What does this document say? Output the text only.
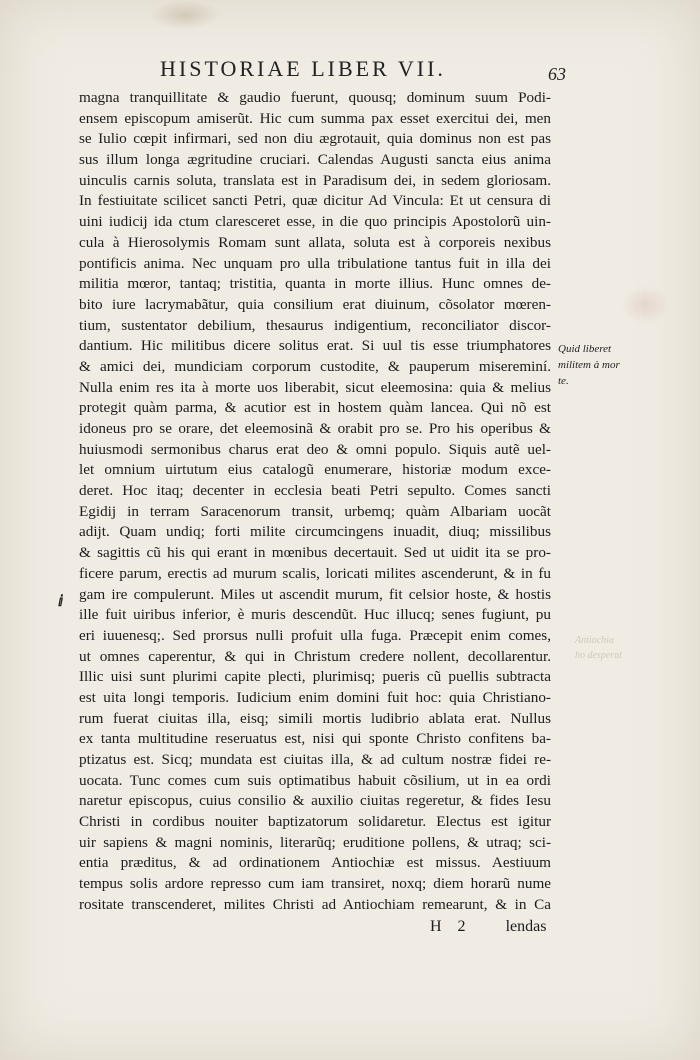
HISTORIAE LIBER VII.	63
magna tranquillitate & gaudio fuerunt, quousq; dominum suum Podi-
ensem episcopum amiserũt. Hic cum summa pax esset exercitui dei, men
se Iulio cœpit infirmari, sed non diu ægrotauit, quia dominus non est pas
sus illum longa ægritudine cruciari. Calendas Augusti sancta eius anima
uinculis carnis soluta, translata est in Paradisum dei, in sedem gloriosam.
In festiuitate scilicet sancti Petri, quæ dicitur Ad Vincula: Et ut censura di
uini iudicij ida ctum claresceret esse, in die quo principis Apostolorũ uin-
cula à Hierosolymis Romam sunt allata, soluta est à corporeis nexibus
pontificis anima. Nec unquam pro ulla tribulatione tantus fuit in illa dei
militia mœror, tantaq; tristitia, quanta in morte illius. Hunc omnes de-
bito iure lacrymabãtur, quia consilium erat diuinum, cõsolator mœren-
tium, sustentator debilium, thesaurus indigentium, reconciliator discor-
dantium. Hic militibus dicere solitus erat. Si uul tis esse triumphatores
& amici dei, mundiciam corporum custodite, & pauperum misereminí.
Nulla enim res ita à morte uos liberabit, sicut eleemosina: quia & melius
protegit quàm parma, & acutior est in hostem quàm lancea. Qui nõ est
idoneus pro se orare, det eleemosinã & orabit pro se. Pro his operibus &
huiusmodi sermonibus charus erat deo & omni populo. Siquis autẽ uel-
let omnium uirtutum eius catalogũ enumerare, historiæ modum exce-
deret. Hoc itaq; decenter in ecclesia beati Petri sepulto. Comes sancti
Egidij in terram Saracenorum transit, urbemq; quàm Albariam uocãt
adijt. Quam undiq; forti milite circumcingens inuadit, diuq; missilibus
& sagittis cũ his qui erant in mœnibus decertauit. Sed ut uidit ita se pro-
ficere parum, erectis ad murum scalis, loricati milites ascenderunt, & in fu
gam ire compulerunt. Miles ut ascendit murum, fit celsior hoste, & hostis
ille fuit uiribus inferior, è muris descendũt. Huc illucq; senes fugiunt, pu
eri iuuenesq;. Sed prorsus nulli profuit ulla fuga. Præcepit enim comes,
ut omnes caperentur, & qui in Christum credere nollent, decollarentur.
Illic uisi sunt plurimi capite plecti, plurimisq; pueris cũ puellis subtracta
est uita longi temporis. Iudicium enim domini fuit hoc: quia Christiano-
rum fuerat ciuitas illa, eisq; simili mortis ludibrio ablata erat. Nullus
ex tanta multitudine reseruatus est, nisi qui sponte Christo confitens ba-
ptizatus est. Sicq; mundata est ciuitas illa, & ad cultum nostræ fidei re-
uocata. Tunc comes cum suis optimatibus habuit cõsilium, ut in ea ordi
naretur episcopus, cuius consilio & auxilio ciuitas regeretur, & fides Iesu
Christi in cordibus nouiter baptizatorum solidaretur. Electus est igitur
uir sapiens & magni nominis, literarũq; eruditione pollens, & utraq; sci-
entia præditus, & ad ordinationem Antiochiæ est missus. Aestiuum
tempus solis ardore represso cum iam transiret, noxq; diem horarũ nume
rositate transcenderet, milites Christi ad Antiochiam remearunt, & in Ca
Quid liberet
militem à mor
te.
Antiochia
ho desperat
ⅈ
H 2	lendas
